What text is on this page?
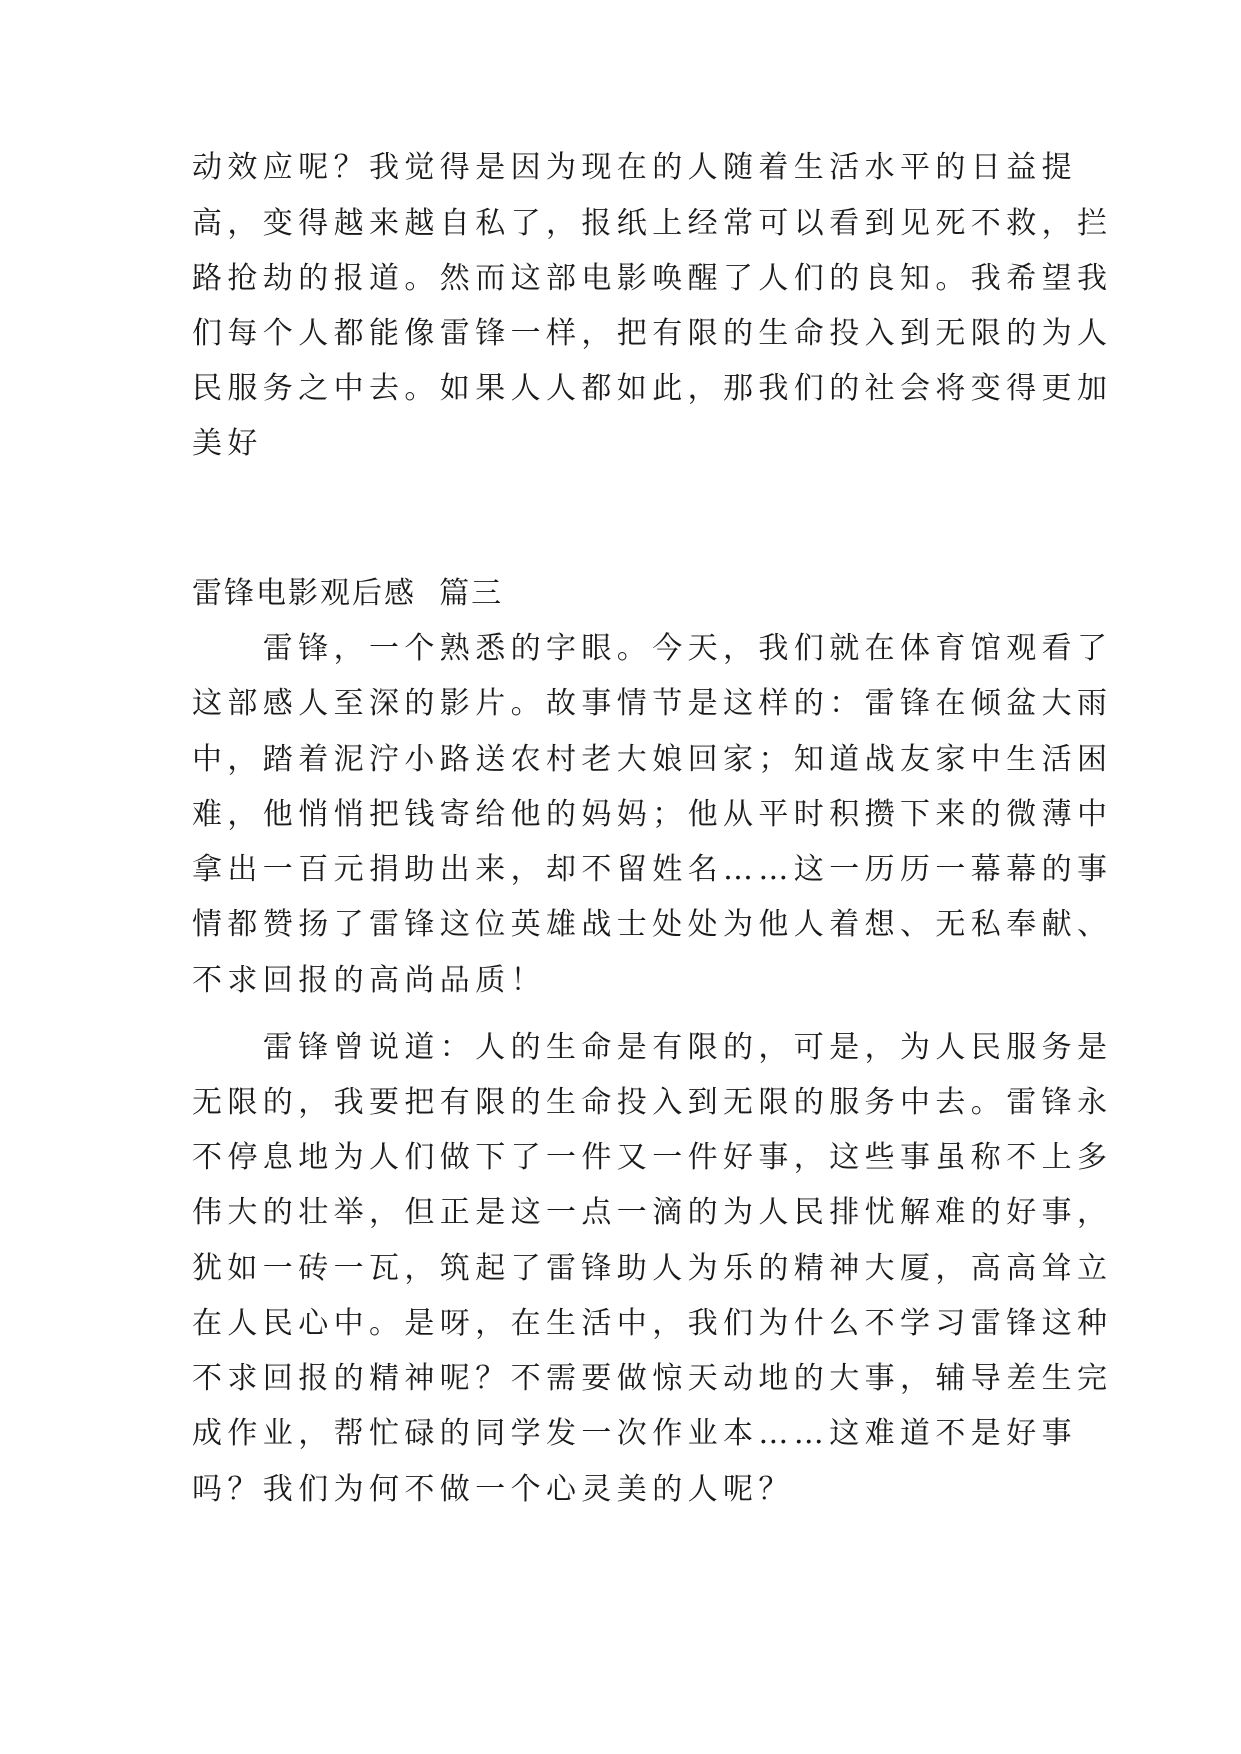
动效应呢？我觉得是因为现在的人随着生活水平的日益提
高，变得越来越自私了，报纸上经常可以看到见死不救，拦
路抢劫的报道。然而这部电影唤醒了人们的良知。我希望我
们每个人都能像雷锋一样，把有限的生命投入到无限的为人
民服务之中去。如果人人都如此，那我们的社会将变得更加
美好
雷锋电影观后感  篇三
　　雷锋，一个熟悉的字眼。今天，我们就在体育馆观看了
这部感人至深的影片。故事情节是这样的：雷锋在倾盆大雨
中，踏着泥泞小路送农村老大娘回家；知道战友家中生活困
难，他悄悄把钱寄给他的妈妈；他从平时积攒下来的微薄中
拿出一百元捐助出来，却不留姓名……这一历历一幕幕的事
情都赞扬了雷锋这位英雄战士处处为他人着想、无私奉献、
不求回报的高尚品质！
　　雷锋曾说道：人的生命是有限的，可是，为人民服务是
无限的，我要把有限的生命投入到无限的服务中去。雷锋永
不停息地为人们做下了一件又一件好事，这些事虽称不上多
伟大的壮举，但正是这一点一滴的为人民排忧解难的好事，
犹如一砖一瓦，筑起了雷锋助人为乐的精神大厦，高高耸立
在人民心中。是呀，在生活中，我们为什么不学习雷锋这种
不求回报的精神呢？不需要做惊天动地的大事，辅导差生完
成作业，帮忙碌的同学发一次作业本……这难道不是好事
吗？我们为何不做一个心灵美的人呢？
